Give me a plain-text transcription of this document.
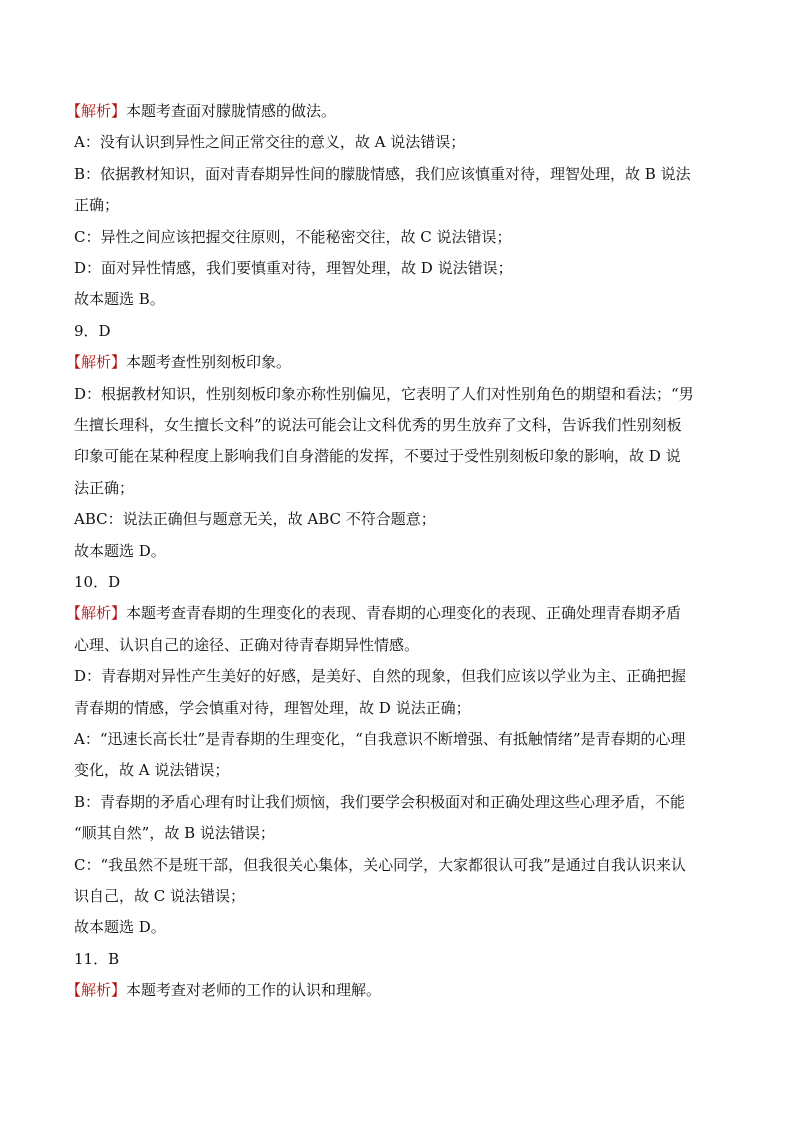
【解析】本题考查面对朦胧情感的做法。
A：没有认识到异性之间正常交往的意义，故 A 说法错误；
B：依据教材知识，面对青春期异性间的朦胧情感，我们应该慎重对待，理智处理，故 B 说法
正确；
C：异性之间应该把握交往原则，不能秘密交往，故 C 说法错误；
D：面对异性情感，我们要慎重对待，理智处理，故 D 说法错误；
故本题选 B。
9．D
【解析】本题考查性别刻板印象。
D：根据教材知识，性别刻板印象亦称性别偏见，它表明了人们对性别角色的期望和看法；“男
生擅长理科，女生擅长文科”的说法可能会让文科优秀的男生放弃了文科，告诉我们性别刻板
印象可能在某种程度上影响我们自身潜能的发挥，不要过于受性别刻板印象的影响，故 D 说
法正确；
ABC：说法正确但与题意无关，故 ABC 不符合题意；
故本题选 D。
10．D
【解析】本题考查青春期的生理变化的表现、青春期的心理变化的表现、正确处理青春期矛盾
心理、认识自己的途径、正确对待青春期异性情感。
D：青春期对异性产生美好的好感，是美好、自然的现象，但我们应该以学业为主、正确把握
青春期的情感，学会慎重对待，理智处理，故 D 说法正确；
A：“迅速长高长壮”是青春期的生理变化，“自我意识不断增强、有抵触情绪”是青春期的心理
变化，故 A 说法错误；
B：青春期的矛盾心理有时让我们烦恼，我们要学会积极面对和正确处理这些心理矛盾，不能
“顺其自然”，故 B 说法错误；
C：“我虽然不是班干部，但我很关心集体，关心同学，大家都很认可我”是通过自我认识来认
识自己，故 C 说法错误；
故本题选 D。
11．B
【解析】本题考查对老师的工作的认识和理解。
